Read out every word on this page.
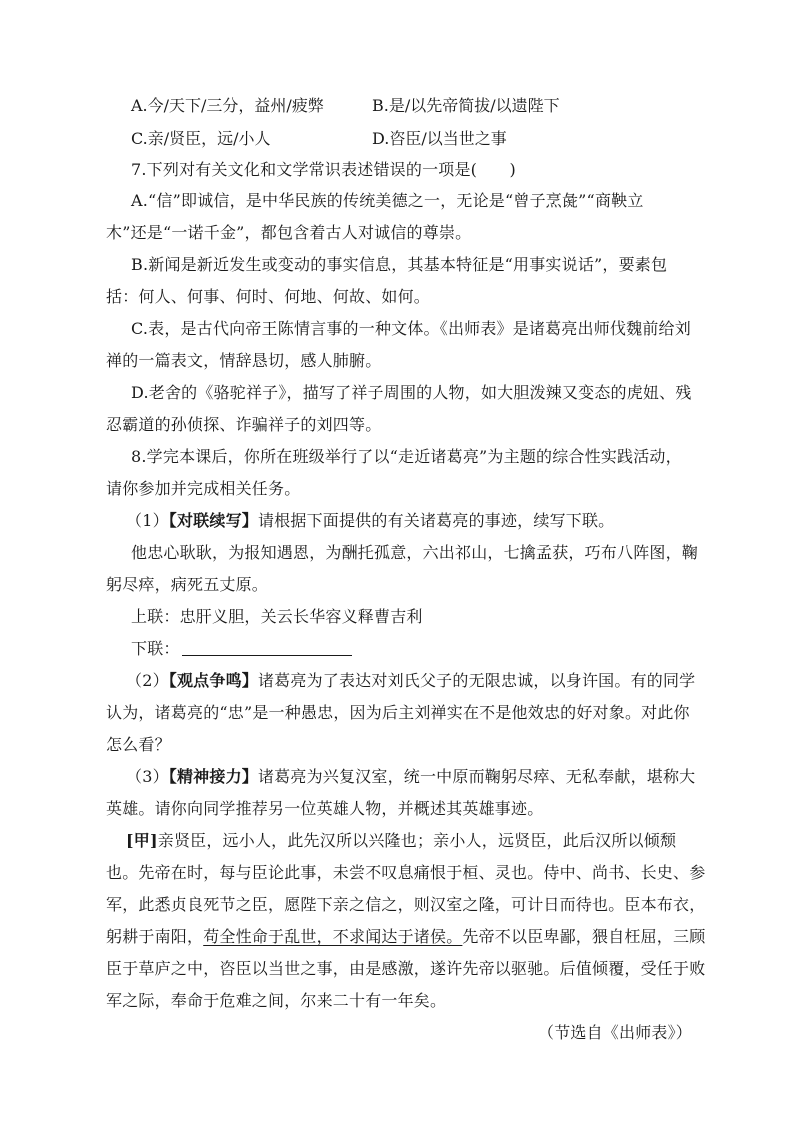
A.今/天下/三分，益州/疲弊	B.是/以先帝简拔/以遗陛下
C.亲/贤臣，远/小人	D.咨臣/以当世之事
7.下列对有关文化和文学常识表述错误的一项是(　　)
A.“信”即诚信，是中华民族的传统美德之一，无论是“曾子烹彘”“商鞅立
木”还是“一诺千金”，都包含着古人对诚信的尊崇。
B.新闻是新近发生或变动的事实信息，其基本特征是“用事实说话”，要素包
括：何人、何事、何时、何地、何故、如何。
C.表，是古代向帝王陈情言事的一种文体。《出师表》是诸葛亮出师伐魏前给刘
禅的一篇表文，情辞恳切，感人肺腑。
D.老舍的《骆驼祥子》，描写了祥子周围的人物，如大胆泼辣又变态的虎妞、残
忍霸道的孙侦探、诈骗祥子的刘四等。
8.学完本课后，你所在班级举行了以“走近诸葛亮”为主题的综合性实践活动，
请你参加并完成相关任务。
（1）【对联续写】请根据下面提供的有关诸葛亮的事迹，续写下联。
他忠心耿耿，为报知遇恩，为酬托孤意，六出祁山，七擒孟获，巧布八阵图，鞠
躬尽瘁，病死五丈原。
上联：忠肝义胆，关云长华容义释曹吉利
下联：
（2）【观点争鸣】诸葛亮为了表达对刘氏父子的无限忠诚，以身许国。有的同学
认为，诸葛亮的“忠”是一种愚忠，因为后主刘禅实在不是他效忠的好对象。对此你
怎么看？
（3）【精神接力】诸葛亮为兴复汉室，统一中原而鞠躬尽瘁、无私奉献，堪称大
英雄。请你向同学推荐另一位英雄人物，并概述其英雄事迹。
[甲]亲贤臣，远小人，此先汉所以兴隆也；亲小人，远贤臣，此后汉所以倾颓
也。先帝在时，每与臣论此事，未尝不叹息痛恨于桓、灵也。侍中、尚书、长史、参
军，此悉贞良死节之臣，愿陛下亲之信之，则汉室之隆，可计日而待也。臣本布衣，
躬耕于南阳，苟全性命于乱世，不求闻达于诸侯。先帝不以臣卑鄙，猥自枉屈，三顾
臣于草庐之中，咨臣以当世之事，由是感激，遂许先帝以驱驰。后值倾覆，受任于败
军之际，奉命于危难之间，尔来二十有一年矣。
（节选自《出师表》）
